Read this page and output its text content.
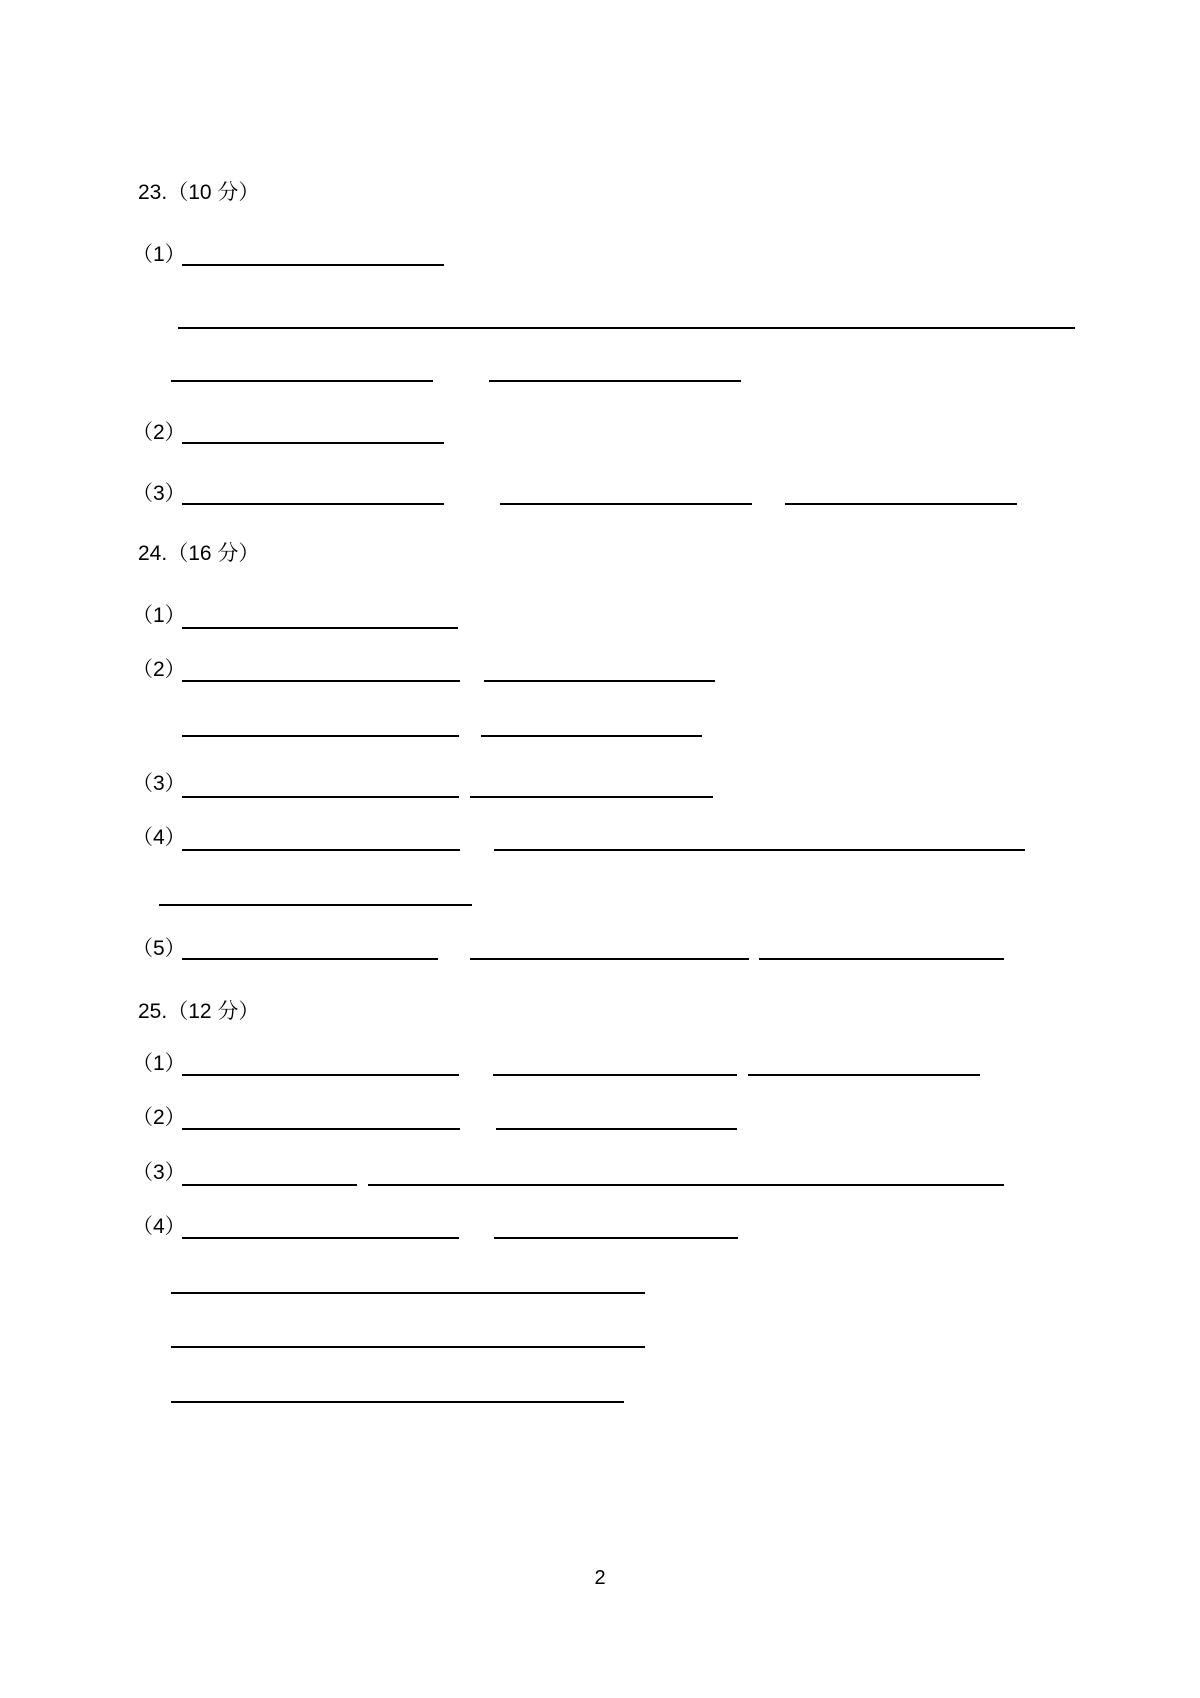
23.（10 分）
（1）
（2）
（3）
24.（16 分）
（1）
（2）
（3）
（4）
（5）
25.（12 分）
（1）
（2）
（3）
（4）
2
